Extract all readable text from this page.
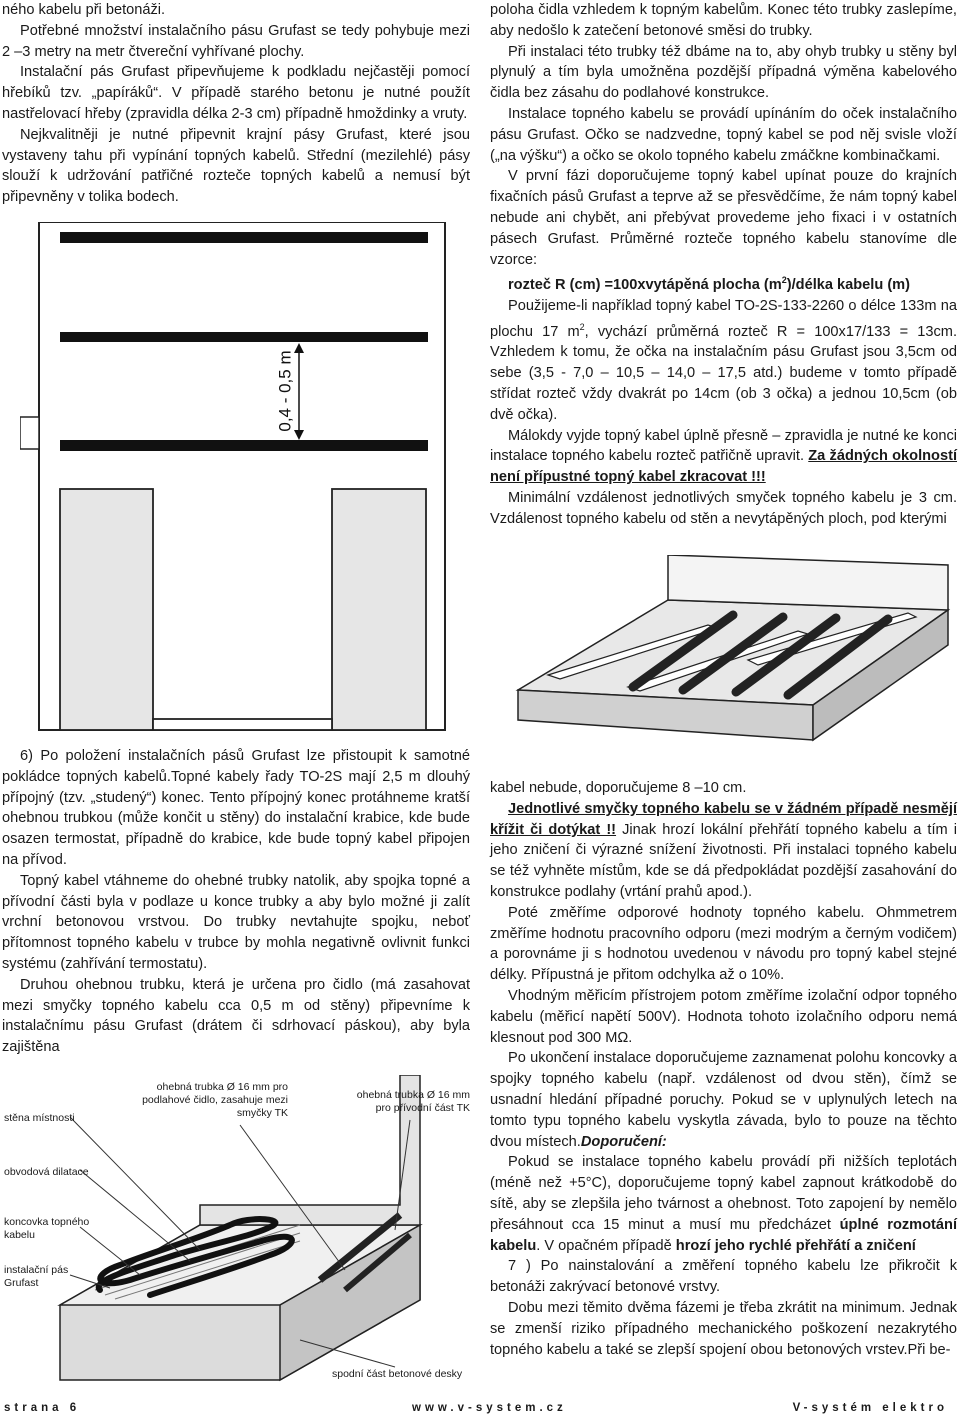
ného kabelu při betonáži.

Potřebné množství instalačního pásu Grufast se tedy pohybuje mezi 2 –3 metry na metr čtvereční vyhřívané plochy.

Instalační pás Grufast připevňujeme k podkladu nejčastěji pomocí hřebíků tzv. „papíráků“. V případě starého betonu je nutné použít nastřelovací hřeby (zpravidla délka 2-3 cm) případně hmoždinky a vruty.

Nejkvalitněji je nutné připevnit krajní pásy Grufast, které jsou vystaveny tahu při vypínání topných kabelů. Střední (mezilehlé) pásy slouží k udržování patřičné rozteče topných kabelů a nemusí být připevněny v tolika bodech.

0,4 - 0,5 m

poloha čidla vzhledem k topným kabelům. Konec této trubky zaslepíme, aby nedošlo k zatečení betonové směsi do trubky.

Při instalaci této trubky též dbáme na to, aby ohyb trubky u stěny byl plynulý a tím byla umožněna pozdější případná výměna kabelového čidla bez zásahu do podlahové konstrukce.

Instalace topného kabelu se provádí upínáním do oček instalačního pásu Grufast. Očko se nadzvedne, topný kabel se pod něj svisle vloží („na výšku“) a očko se okolo topného kabelu zmáčkne kombinačkami.

V první fázi doporučujeme topný kabel upínat pouze do krajních fixačních pásů Grufast a teprve až se přesvědčíme, že nám topný kabel nebude ani chybět, ani přebývat provedeme jeho fixaci i v ostatních pásech Grufast. Průměrné rozteče topného kabelu stanovíme dle vzorce:

rozteč R (cm) =100xvytápěná plocha $(m^2)$/délka kabelu (m)

Použijeme-li například topný kabel TO-2S-133-2260 o délce 133m na plochu 17 $m^2$, vychází průměrná rozteč R = 100x17/133 = 13cm. Vzhledem k tomu, že očka na instalačním pásu Grufast jsou 3,5cm od sebe (3,5 - 7,0 – 10,5 – 14,0 – 17,5 atd.) budeme v tomto případě střídat rozteč vždy dvakrát po 14cm (ob 3 očka) a jednou 10,5cm (ob dvě očka).

Málokdy vyjde topný kabel úplně přesně – zpravidla je nutné ke konci instalace topného kabelu rozteč patřičně upravit. Za žádných okolností není přípustné topný kabel zkracovat !!!

Minimální vzdálenost jednotlivých smyček topného kabelu je 3 cm. Vzdálenost topného kabelu od stěn a nevytápěných ploch, pod kterými

6) Po položení instalačních pásů Grufast lze přistoupit k samotné pokládce topných kabelů.Topné kabely řady TO-2S mají 2,5 m dlouhý přípojný (tzv. „studený“) konec. Tento přípojný konec protáhneme kratší ohebnou trubkou (může končit u stěny) do instalační krabice, kde bude osazen termostat, případně do krabice, kde bude topný kabel připojen na přívod.

Topný kabel vtáhneme do ohebné trubky natolik, aby spojka topné a přívodní části byla v podlaze u konce trubky a aby bylo možné ji zalít vrchní betonovou vrstvou. Do trubky nevtahujte spojku, neboť přítomnost topného kabelu v trubce by mohla negativně ovlivnit funkci systému (zahřívání termostatu).

Druhou ohebnou trubku, která je určena pro čidlo (má zasahovat mezi smyčky topného kabelu cca 0,5 m od stěny) připevníme k instalačnímu pásu Grufast (drátem či sdrhovací páskou), aby byla zajištěna

stěna místnosti
obvodová dilatace
koncovka topného kabelu
instalační pás Grufast
ohebná trubka Ø 16 mm pro podlahové čidlo, zasahuje mezi smyčky TK
ohebná trubka Ø 16 mm pro přívodní část TK
spodní část betonové desky

kabel nebude, doporučujeme 8 –10 cm.

Jednotlivé smyčky topného kabelu se v žádném případě nesmějí křížit či dotýkat !! Jinak hrozí lokální přehřátí topného kabelu a tím i jeho zničení či výrazné snížení životnosti. Při instalaci topného kabelu se též vyhněte místům, kde se dá předpokládat pozdější zasahování do konstrukce podlahy (vrtání prahů apod.).

Poté změříme odporové hodnoty topného kabelu. Ohmmetrem změříme hodnotu pracovního odporu (mezi modrým a černým vodičem) a porovnáme ji s hodnotou uvedenou v návodu pro topný kabel stejné délky. Přípustná je přitom odchylka až o 10%.

Vhodným měřicím přístrojem potom změříme izolační odpor topného kabelu (měřicí napětí 500V). Hodnota tohoto izolačního odporu nemá klesnout pod 300 MΩ.

Po ukončení instalace doporučujeme zaznamenat polohu koncovky a spojky topného kabelu (např. vzdálenost od dvou stěn), čímž se usnadní hledání případné poruchy. Pokud se v uplynulých letech na tomto typu topného kabelu vyskytla závada, bylo to pouze na těchto dvou místech.Doporučení:

Pokud se instalace topného kabelu provádí při nižších teplotách (méně než +5°C), doporučujeme topný kabel zapnout krátkodobě do sítě, aby se zlepšila jeho tvárnost a ohebnost. Toto zapojení by nemělo přesáhnout cca 15 minut a musí mu předcházet úplné rozmotání kabelu. V opačném případě hrozí jeho rychlé přehřátí a zničení

7 ) Po nainstalování a změření topného kabelu lze přikročit k betonáži zakrývací betonové vrstvy.

Dobu mezi těmito dvěma fázemi je třeba zkrátit na minimum. Jednak se zmenší riziko případného mechanického poškození nezakrytého topného kabelu a také se zlepší spojení obou betonových vrstev.Při be-

strana 6	www.v-system.cz	V-systém elektro
